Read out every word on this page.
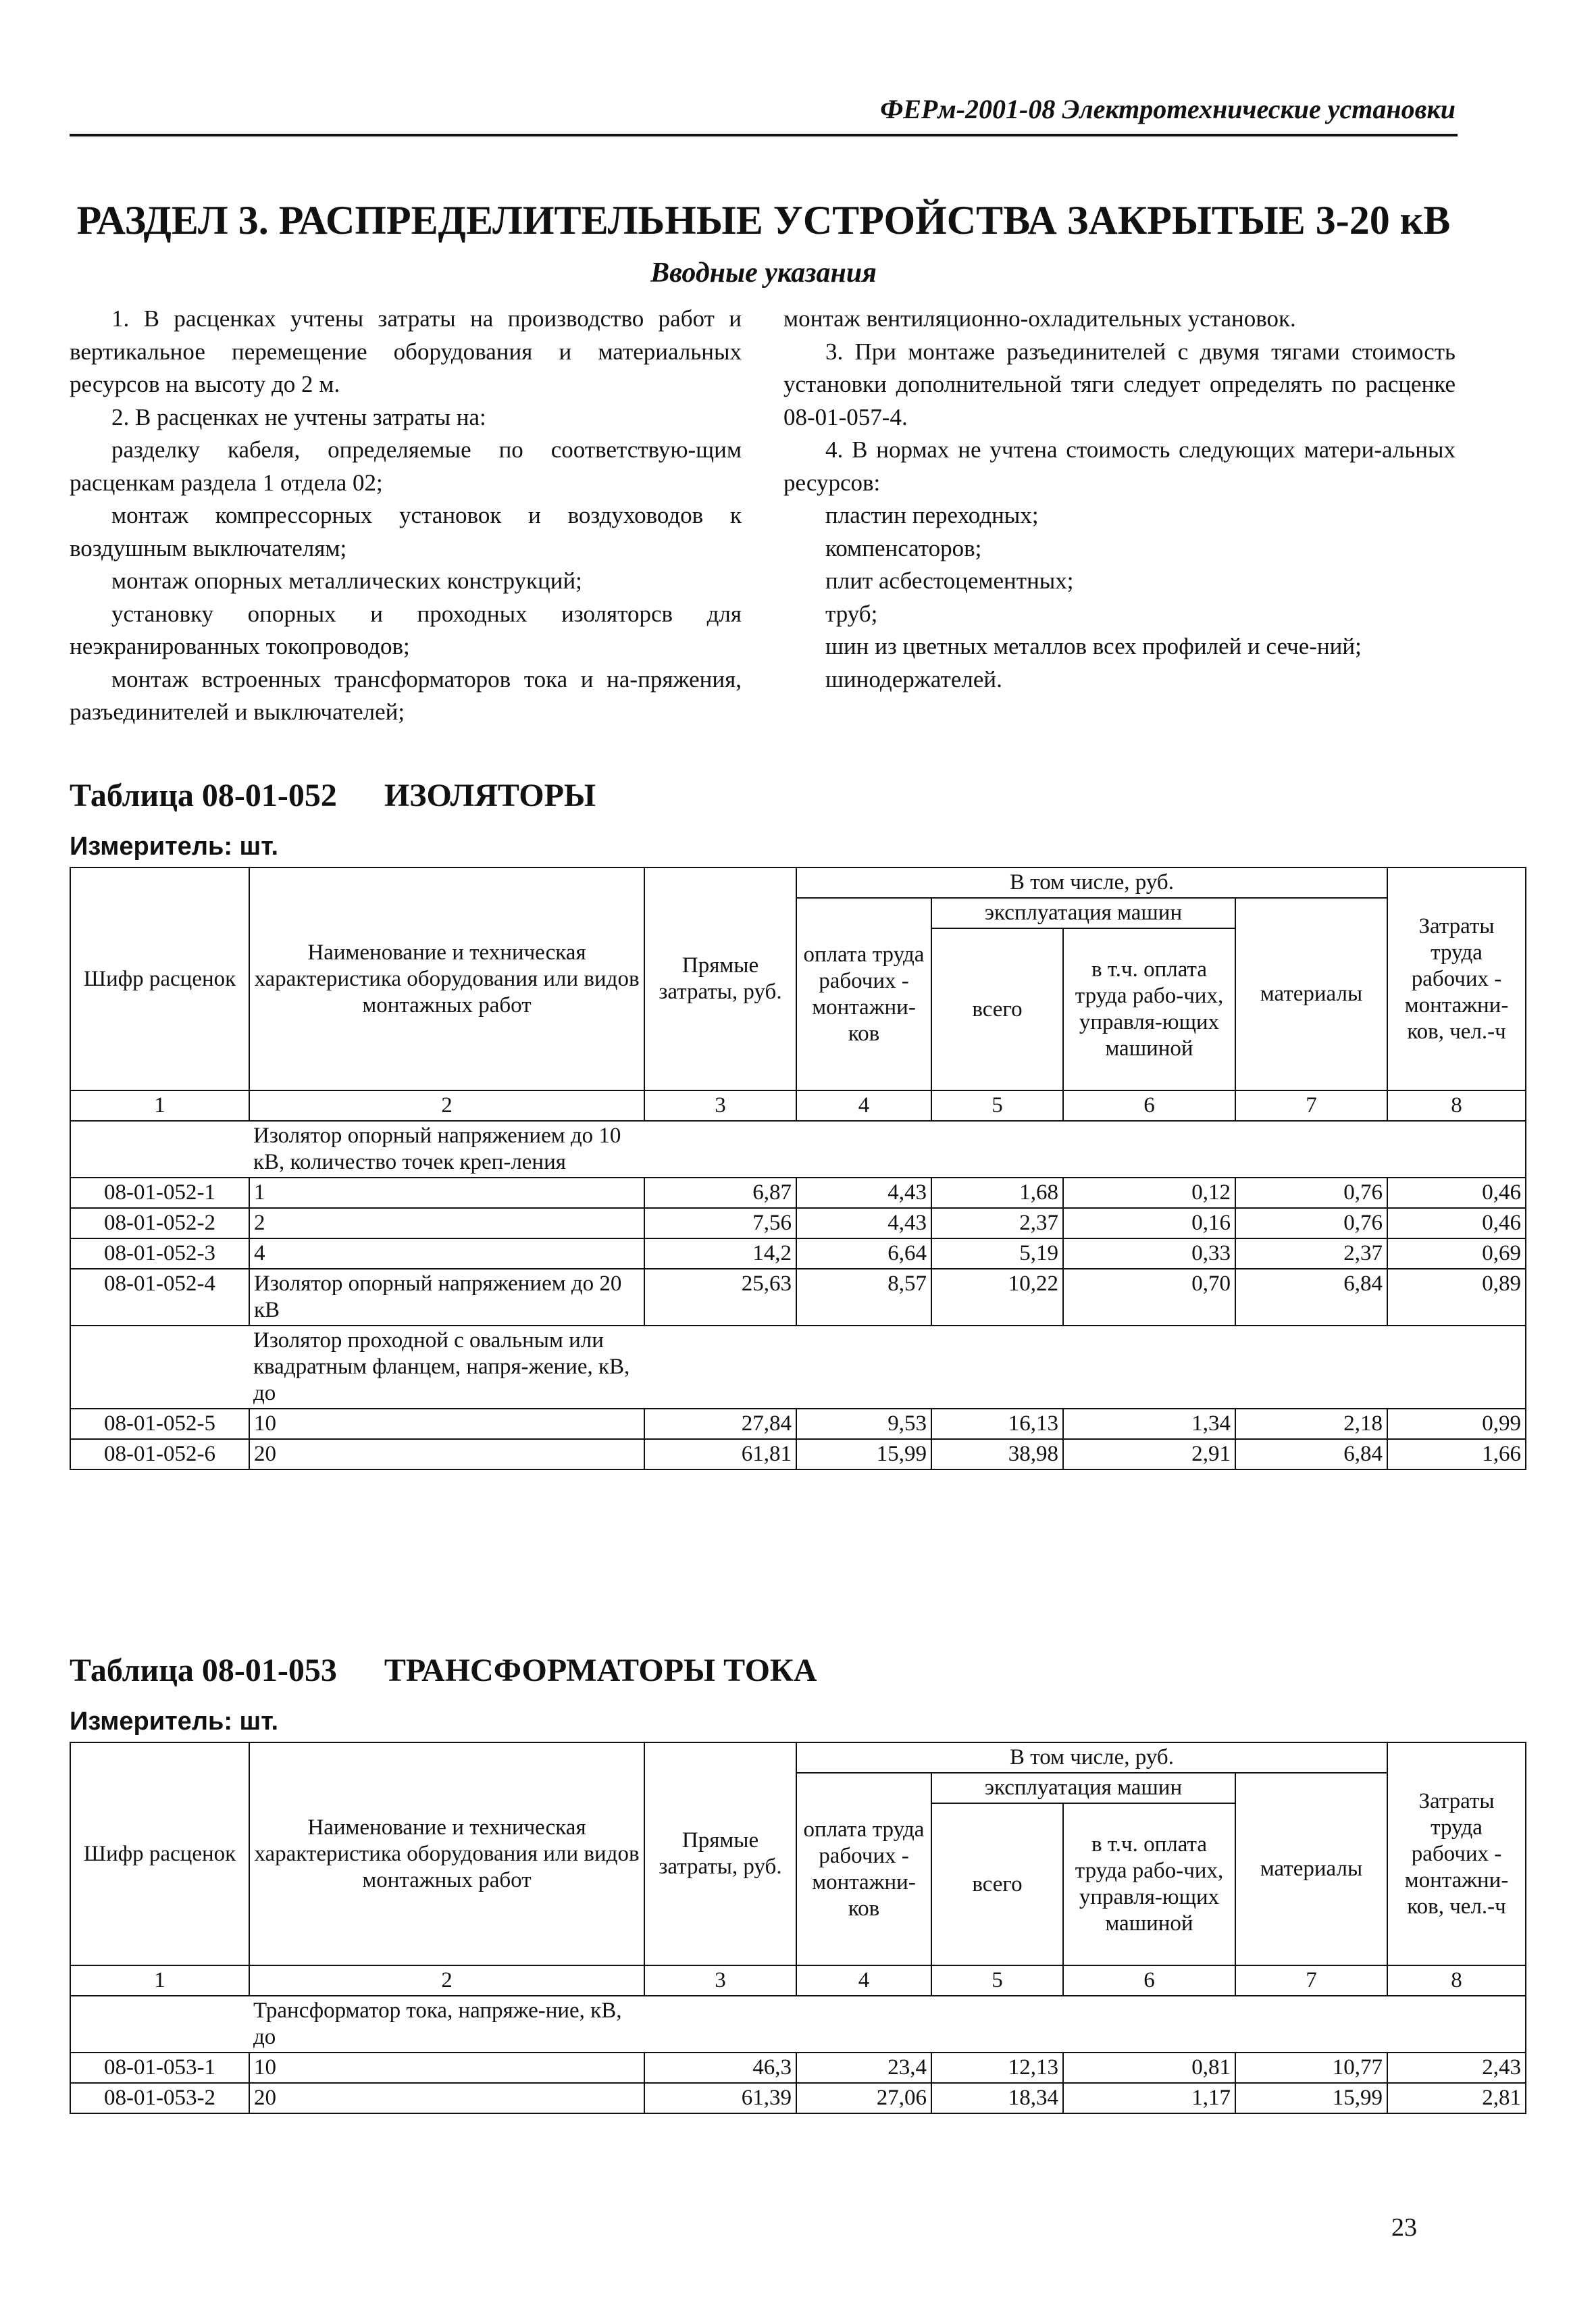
ФЕРм-2001-08 Электротехнические установки
РАЗДЕЛ 3. РАСПРЕДЕЛИТЕЛЬНЫЕ УСТРОЙСТВА ЗАКРЫТЫЕ 3-20 кВ
Вводные указания

1. В расценках учтены затраты на производство работ и вертикальное перемещение оборудования и материальных ресурсов на высоту до 2 м.

2. В расценках не учтены затраты на:

разделку кабеля, определяемые по соответствую-щим расценкам раздела 1 отдела 02;

монтаж компрессорных установок и воздуховодов к воздушным выключателям;

монтаж опорных металлических конструкций;

установку опорных и проходных изоляторсв для неэкранированных токопроводов;

монтаж встроенных трансформаторов тока и на-пряжения, разъединителей и выключателей;

монтаж вентиляционно-охладительных установок.

3. При монтаже разъединителей с двумя тягами стоимость установки дополнительной тяги следует определять по расценке 08-01-057-4.

4. В нормах не учтена стоимость следующих матери-альных ресурсов:

пластин переходных;

компенсаторов;

плит асбестоцементных;

труб;

шин из цветных металлов всех профилей и сече-ний;

шинодержателей.

Таблица 08-01-052 ИЗОЛЯТОРЫ
Измеритель: шт.
Шифр расценок	Наименование и техническая характеристика оборудования или видов монтажных работ	Прямые затраты, руб.	В том числе, руб.				Затраты труда рабочих - монтажни-ков, чел.-ч
			оплата труда рабочих - монтажни-ков	эксплуатация машин		материалы	
				всего	в т.ч. оплата труда рабо-чих, управля-ющих машиной		
1	2	3	4	5	6	7	8

	Изолятор опорный напряжением до 10 кВ, количество точек креп-ления						

08-01-052-1	1	6,87	4,43	1,68	0,12	0,76	0,46
08-01-052-2	2	7,56	4,43	2,37	0,16	0,76	0,46
08-01-052-3	4	14,2	6,64	5,19	0,33	2,37	0,69
08-01-052-4	Изолятор опорный напряжением до 20 кВ	25,63	8,57	10,22	0,70	6,84	0,89

	Изолятор проходной с овальным или квадратным фланцем, напря-жение, кВ, до						

08-01-052-5	10	27,84	9,53	16,13	1,34	2,18	0,99
08-01-052-6	20	61,81	15,99	38,98	2,91	6,84	1,66
Таблица 08-01-053 ТРАНСФОРМАТОРЫ ТОКА
Измеритель: шт.
Шифр расценок	Наименование и техническая характеристика оборудования или видов монтажных работ	Прямые затраты, руб.	В том числе, руб.				Затраты труда рабочих - монтажни-ков, чел.-ч
			оплата труда рабочих - монтажни-ков	эксплуатация машин		материалы	
				всего	в т.ч. оплата труда рабо-чих, управля-ющих машиной		
1	2	3	4	5	6	7	8

	Трансформатор тока, напряже-ние, кВ, до						

08-01-053-1	10	46,3	23,4	12,13	0,81	10,77	2,43
08-01-053-2	20	61,39	27,06	18,34	1,17	15,99	2,81
23
